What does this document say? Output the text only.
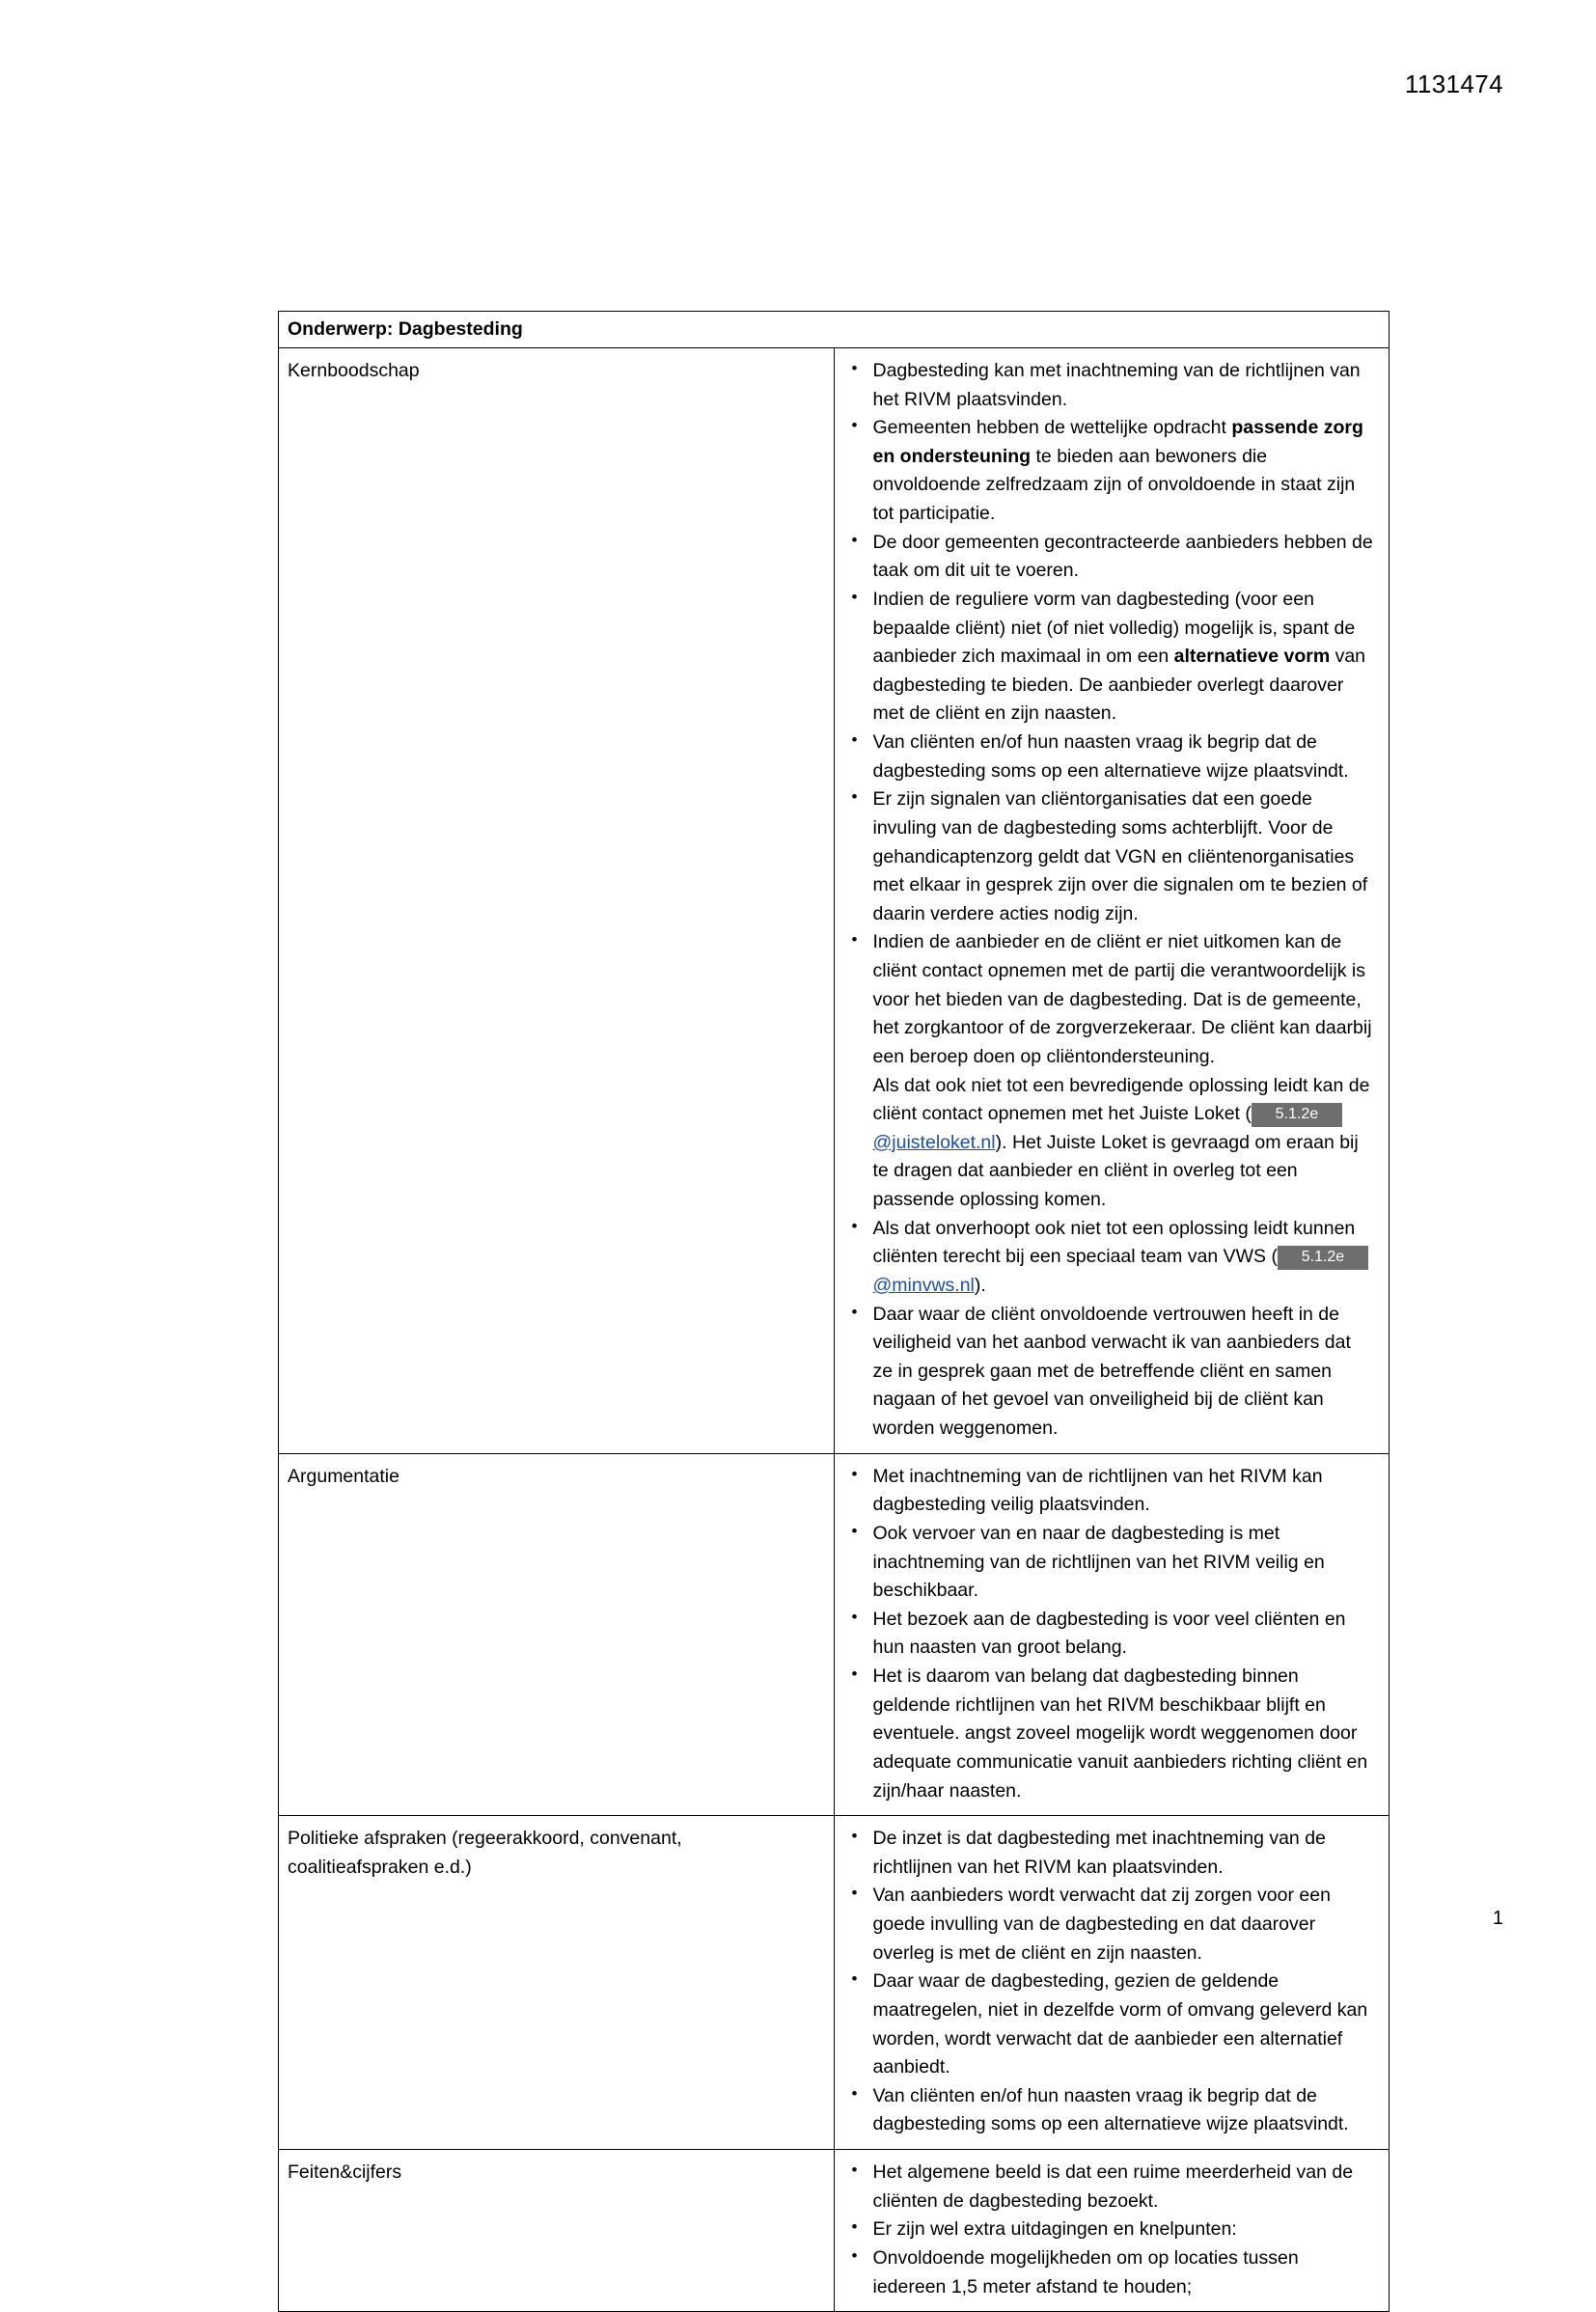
1131474
Onderwerp: Dagbesteding	
Kernboodschap	
•Dagbesteding kan met inachtneming van de richtlijnen van het RIVM plaatsvinden.
• Gemeenten hebben de wettelijke opdracht passende zorg en ondersteuning te bieden aan bewoners die onvoldoende zelfredzaam zijn of onvoldoende in staat zijn tot participatie.
• De door gemeenten gecontracteerde aanbieders hebben de taak om dit uit te voeren.
• Indien de reguliere vorm van dagbesteding (voor een bepaalde cliënt) niet (of niet volledig) mogelijk is, spant de aanbieder zich maximaal in om een alternatieve vorm van dagbesteding te bieden. De aanbieder overlegt daarover met de cliënt en zijn naasten.
• Van cliënten en/of hun naasten vraag ik begrip dat de dagbesteding soms op een alternatieve wijze plaatsvindt.
• Er zijn signalen van cliëntorganisaties dat een goede invuling van de dagbesteding soms achterblijft. Voor de gehandicaptenzorg geldt dat VGN en cliëntenorganisaties met elkaar in gesprek zijn over die signalen om te bezien of daarin verdere acties nodig zijn.
• Indien de aanbieder en de cliënt er niet uitkomen kan de cliënt contact opnemen met de partij die verantwoordelijk is voor het bieden van de dagbesteding. Dat is de gemeente, het zorgkantoor of de zorgverzekeraar. De cliënt kan daarbij een beroep doen op cliëntondersteuning.
Als dat ook niet tot een bevredigende oplossing leidt kan de cliënt contact opnemen met het Juiste Loket ( 5.1.2e@juisteloket.nl). Het Juiste Loket is gevraagd om eraan bij te dragen dat aanbieder en cliënt in overleg tot een passende oplossing komen.
• Als dat onverhoopt ook niet tot een oplossing leidt kunnen cliënten terecht bij een speciaal team van VWS ( 5.1.2e@minvws.nl).
• Daar waar de cliënt onvoldoende vertrouwen heeft in de veiligheid van het aanbod verwacht ik van aanbieders dat ze in gesprek gaan met de betreffende cliënt en samen nagaan of het gevoel van onveiligheid bij de cliënt kan worden weggenomen.

Argumentatie	
•Met inachtneming van de richtlijnen van het RIVM kan dagbesteding veilig plaatsvinden.
• Ook vervoer van en naar de dagbesteding is met inachtneming van de richtlijnen van het RIVM veilig en beschikbaar.
• Het bezoek aan de dagbesteding is voor veel cliënten en hun naasten van groot belang.
• Het is daarom van belang dat dagbesteding binnen geldende richtlijnen van het RIVM beschikbaar blijft en eventuele. angst zoveel mogelijk wordt weggenomen door adequate communicatie vanuit aanbieders richting cliënt en zijn/haar naasten.

Politieke afspraken (regeerakkoord, convenant, coalitieafspraken e.d.)	
• De inzet is dat dagbesteding met inachtneming van de richtlijnen van het RIVM kan plaatsvinden.
• Van aanbieders wordt verwacht dat zij zorgen voor een goede invulling van de dagbesteding en dat daarover overleg is met de cliënt en zijn naasten.
• Daar waar de dagbesteding, gezien de geldende maatregelen, niet in dezelfde vorm of omvang geleverd kan worden, wordt verwacht dat de aanbieder een alternatief aanbiedt.
• Van cliënten en/of hun naasten vraag ik begrip dat de dagbesteding soms op een alternatieve wijze plaatsvindt.

Feiten&cijfers	
•Het algemene beeld is dat een ruime meerderheid van de cliënten de dagbesteding bezoekt.
• Er zijn wel extra uitdagingen en knelpunten:
• Onvoldoende mogelijkheden om op locaties tussen iedereen 1,5 meter afstand te houden;
1
